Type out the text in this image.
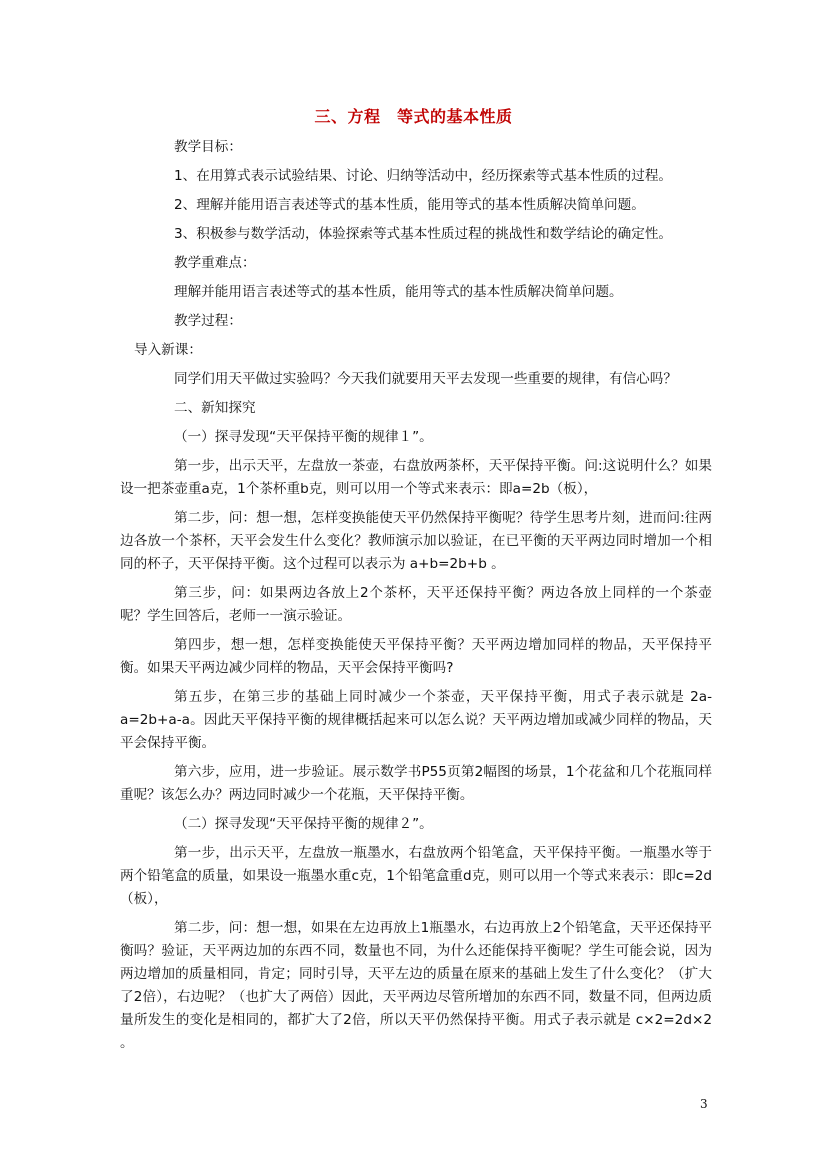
三、方程　等式的基本性质

教学目标：

1、在用算式表示试验结果、讨论、归纳等活动中，经历探索等式基本性质的过程。

2、理解并能用语言表述等式的基本性质，能用等式的基本性质解决简单问题。

3、积极参与数学活动，体验探索等式基本性质过程的挑战性和数学结论的确定性。

教学重难点：

理解并能用语言表述等式的基本性质，能用等式的基本性质解决简单问题。

教学过程：

导入新课：

同学们用天平做过实验吗？今天我们就要用天平去发现一些重要的规律，有信心吗？

二、新知探究

（一）探寻发现“天平保持平衡的规律１”。

第一步，出示天平，左盘放一茶壶，右盘放两茶杯，天平保持平衡。问:这说明什么？如果设一把茶壶重a克，1个茶杯重b克，则可以用一个等式来表示：即a=2b（板），

第二步，问：想一想，怎样变换能使天平仍然保持平衡呢？待学生思考片刻，进而问:往两边各放一个茶杯，天平会发生什么变化？教师演示加以验证，在已平衡的天平两边同时增加一个相同的杯子，天平保持平衡。这个过程可以表示为 a+b=2b+b 。

第三步，问：如果两边各放上2个茶杯，天平还保持平衡？两边各放上同样的一个茶壶呢？学生回答后，老师一一演示验证。

第四步，想一想，怎样变换能使天平保持平衡？天平两边增加同样的物品，天平保持平衡。如果天平两边减少同样的物品，天平会保持平衡吗?

第五步，在第三步的基础上同时减少一个茶壶，天平保持平衡，用式子表示就是 2a-a=2b+a-a。因此天平保持平衡的规律概括起来可以怎么说？天平两边增加或减少同样的物品，天平会保持平衡。

第六步，应用，进一步验证。展示数学书P55页第2幅图的场景，1个花盆和几个花瓶同样重呢？该怎么办？两边同时减少一个花瓶，天平保持平衡。

（二）探寻发现“天平保持平衡的规律２”。

第一步，出示天平，左盘放一瓶墨水，右盘放两个铅笔盒，天平保持平衡。一瓶墨水等于两个铅笔盒的质量，如果设一瓶墨水重c克，1个铅笔盒重d克，则可以用一个等式来表示：即c=2d（板），

第二步，问：想一想，如果在左边再放上1瓶墨水，右边再放上2个铅笔盒，天平还保持平衡吗？验证，天平两边加的东西不同，数量也不同，为什么还能保持平衡呢？学生可能会说，因为两边增加的质量相同，肯定；同时引导，天平左边的质量在原来的基础上发生了什么变化？（扩大了2倍），右边呢？（也扩大了两倍）因此，天平两边尽管所增加的东西不同，数量不同，但两边质量所发生的变化是相同的，都扩大了2倍，所以天平仍然保持平衡。用式子表示就是 c×2=2d×2 。

3
